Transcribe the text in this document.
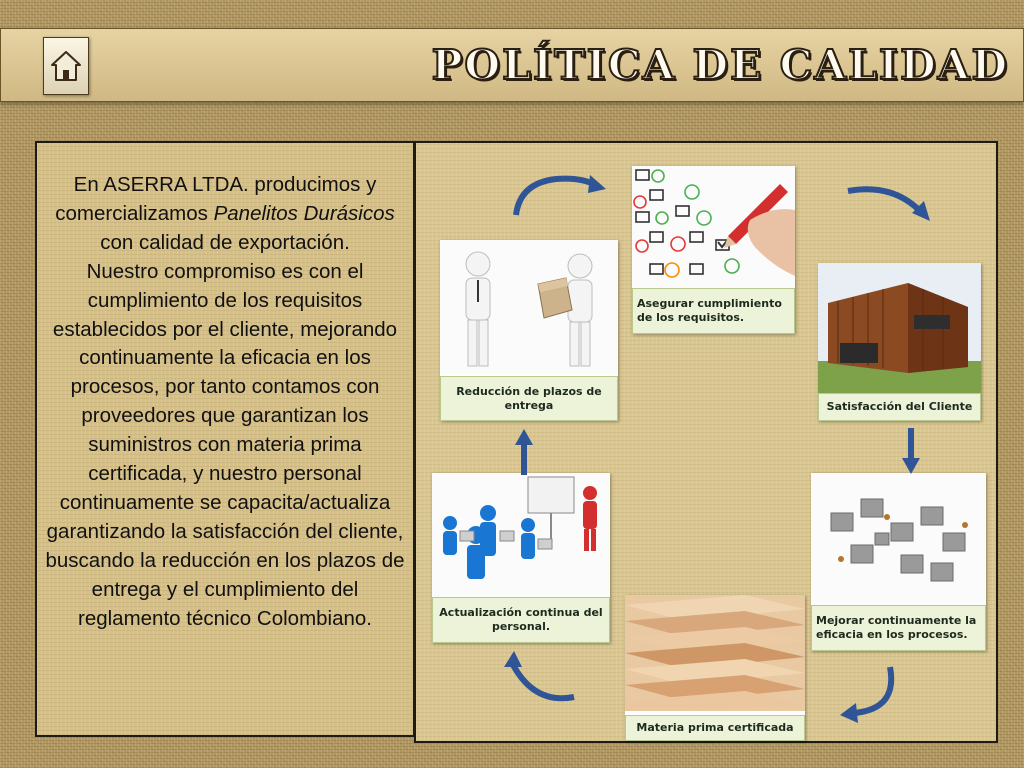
POLÍTICA DE CALIDAD
En ASERRA LTDA. producimos y comercializamos Panelitos Durásicos con calidad de exportación.
Nuestro compromiso es con el cumplimiento de los requisitos establecidos por el cliente, mejorando continuamente la eficacia en los procesos, por tanto contamos con proveedores que garantizan los suministros con materia prima certificada, y nuestro personal continuamente se capacita/actualiza garantizando la satisfacción del cliente, buscando la reducción en los plazos de entrega y el cumplimiento del reglamento técnico Colombiano.
Asegurar cumplimiento de los requisitos.
Satisfacción del Cliente
Mejorar continuamente la eficacia en los procesos.
Materia prima certificada
Actualización continua del personal.
Reducción de plazos de entrega
